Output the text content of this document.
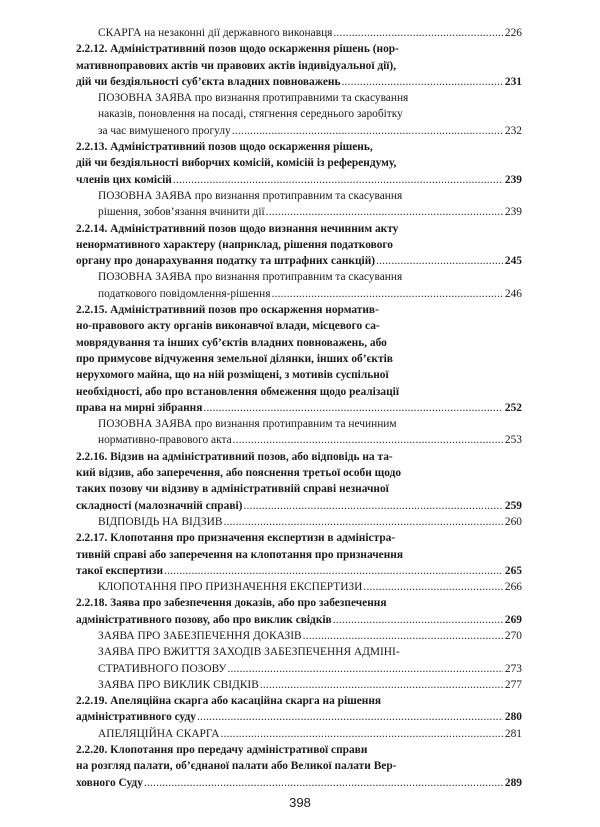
СКАРГА на незаконні дії державного виконавця .....	226
2.2.12. Адміністративний позов щодо оскарження рішень (нор-
мативноправових актів чи правових актів індивідуальної дії),
дій чи бездіяльності суб’єкта владних повноважень .....	231
ПОЗОВНА ЗАЯВА про визнання протиправними та скасування
наказів, поновлення на посаді, стягнення середнього заробітку
за час вимушеного прогулу .....	232
2.2.13. Адміністративний позов щодо оскарження рішень,
дій чи бездіяльності виборчих комісій, комісій із референдуму,
членів цих комісій .....	239
ПОЗОВНА ЗАЯВА про визнання протиправним та скасування
рішення, зобов’язання вчинити дії .....	239
2.2.14. Адміністративний позов щодо визнання нечинним акту
ненормативного характеру (наприклад, рішення податкового
органу про донарахування податку та штрафних санкцій) .....	245
ПОЗОВНА ЗАЯВА про визнання протиправним та скасування
податкового повідомлення-рішення .....	246
2.2.15. Адміністративний позов про оскарження норматив-
но-правового акту органів виконавчої влади, місцевого са-
моврядування та інших суб’єктів владних повноважень, або
про примусове відчуження земельної ділянки, інших об’єктів
нерухомого майна, що на ній розміщені, з мотивів суспільної
необхідності, або про встановлення обмеження щодо реалізації
права на мирні зібрання .....	252
ПОЗОВНА ЗАЯВА про визнання протиправним та нечинним
нормативно-правового акта .....	253
2.2.16. Відзив на адміністративний позов, або відповідь на та-
кий відзив, або заперечення, або пояснення третьої особи щодо
таких позову чи відзиву в адміністративній справі незначної
складності (малозначній справі) .....	259
ВІДПОВІДЬ НА ВІДЗИВ .....	260
2.2.17. Клопотання про призначення експертизи в адміністра-
тивній справі або заперечення на клопотання про призначення
такої експертизи .....	265
КЛОПОТАННЯ ПРО ПРИЗНАЧЕННЯ ЕКСПЕРТИЗИ .....	266
2.2.18. Заява про забезпечення доказів, або про забезпечення
адміністративного позову, або про виклик свідків .....	269
ЗАЯВА ПРО ЗАБЕЗПЕЧЕННЯ ДОКАЗІВ .....	270
ЗАЯВА ПРО ВЖИТТЯ ЗАХОДІВ ЗАБЕЗПЕЧЕННЯ АДМІНІ-
СТРАТИВНОГО ПОЗОВУ .....	273
ЗАЯВА ПРО ВИКЛИК СВІДКІВ .....	277
2.2.19. Апеляційна скарга або касаційна скарга на рішення
адміністративного суду .....	280
АПЕЛЯЦІЙНА СКАРГА .....	281
2.2.20. Клопотання про передачу адміністративої справи
на розгляд палати, об’єднаної палати або Великої палати Вер-
ховного Суду .....	289
398
